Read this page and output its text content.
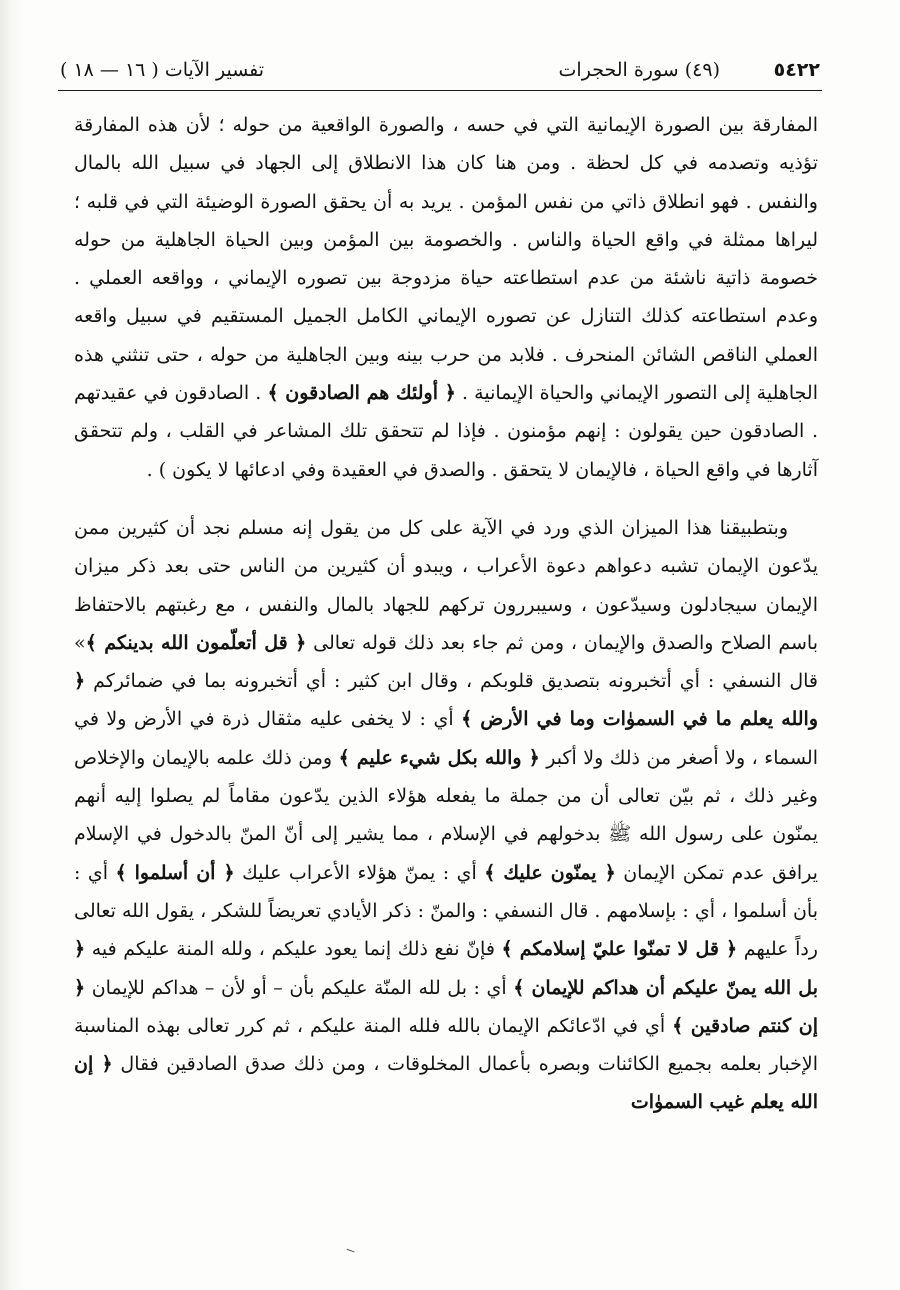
٥٤٢٢
(٤٩) سورة الحجرات
تفسير الآيات ( ١٦ — ١٨ )

المفارقة بين الصورة الإيمانية التي في حسه ، والصورة الواقعية من حوله ؛ لأن هذه المفارقة تؤذيه وتصدمه في كل لحظة . ومن هنا كان هذا الانطلاق إلى الجهاد في سبيل الله بالمال والنفس . فهو انطلاق ذاتي من نفس المؤمن . يريد به أن يحقق الصورة الوضيئة التي في قلبه ؛ ليراها ممثلة في واقع الحياة والناس . والخصومة بين المؤمن وبين الحياة الجاهلية من حوله خصومة ذاتية ناشئة من عدم استطاعته حياة مزدوجة بين تصوره الإيماني ، وواقعه العملي . وعدم استطاعته كذلك التنازل عن تصوره الإيماني الكامل الجميل المستقيم في سبيل واقعه العملي الناقص الشائن المنحرف . فلابد من حرب بينه وبين الجاهلية من حوله ، حتى تنثني هذه الجاهلية إلى التصور الإيماني والحياة الإيمانية . ﴿ أولئك هم الصادقون ﴾ . الصادقون في عقيدتهم . الصادقون حين يقولون : إنهم مؤمنون . فإذا لم تتحقق تلك المشاعر في القلب ، ولم تتحقق آثارها في واقع الحياة ، فالإيمان لا يتحقق . والصدق في العقيدة وفي ادعائها لا يكون ) .

وبتطبيقنا هذا الميزان الذي ورد في الآية على كل من يقول إنه مسلم نجد أن كثيرين ممن يدّعون الإيمان تشبه دعواهم دعوة الأعراب ، ويبدو أن كثيرين من الناس حتى بعد ذكر ميزان الإيمان سيجادلون وسيدّعون ، وسيبررون تركهم للجهاد بالمال والنفس ، مع رغبتهم بالاحتفاظ باسم الصلاح والصدق والإيمان ، ومن ثم جاء بعد ذلك قوله تعالى ﴿ قل أتعلّمون الله بدينكم ﴾» قال النسفي : أي أتخبرونه بتصديق قلوبكم ، وقال ابن كثير : أي أتخبرونه بما في ضمائركم ﴿ والله يعلم ما في السموٰات وما في الأرض ﴾ أي : لا يخفى عليه مثقال ذرة في الأرض ولا في السماء ، ولا أصغر من ذلك ولا أكبر ﴿ والله بكل شيء عليم ﴾ ومن ذلك علمه بالإيمان والإخلاص وغير ذلك ، ثم بيّن تعالى أن من جملة ما يفعله هؤلاء الذين يدّعون مقاماً لم يصلوا إليه أنهم يمنّون على رسول الله ﷺ بدخولهم في الإسلام ، مما يشير إلى أنّ المنّ بالدخول في الإسلام يرافق عدم تمكن الإيمان ﴿ يمنّون عليك ﴾ أي : يمنّ هؤلاء الأعراب عليك ﴿ أن أسلموا ﴾ أي : بأن أسلموا ، أي : بإسلامهم . قال النسفي : والمنّ : ذكر الأيادي تعريضاً للشكر ، يقول الله تعالى رداً عليهم ﴿ قل لا تمنّوا عليّ إسلامكم ﴾ فإنّ نفع ذلك إنما يعود عليكم ، ولله المنة عليكم فيه ﴿ بل الله يمنّ عليكم أن هداكم للإيمان ﴾ أي : بل لله المنّة عليكم بأن – أو لأن – هداكم للإيمان ﴿ إن كنتم صادقين ﴾ أي في ادّعائكم الإيمان بالله فلله المنة عليكم ، ثم كرر تعالى بهذه المناسبة الإخبار بعلمه بجميع الكائنات وبصره بأعمال المخلوقات ، ومن ذلك صدق الصادقين فقال ﴿ إن الله يعلم غيب السموٰات
